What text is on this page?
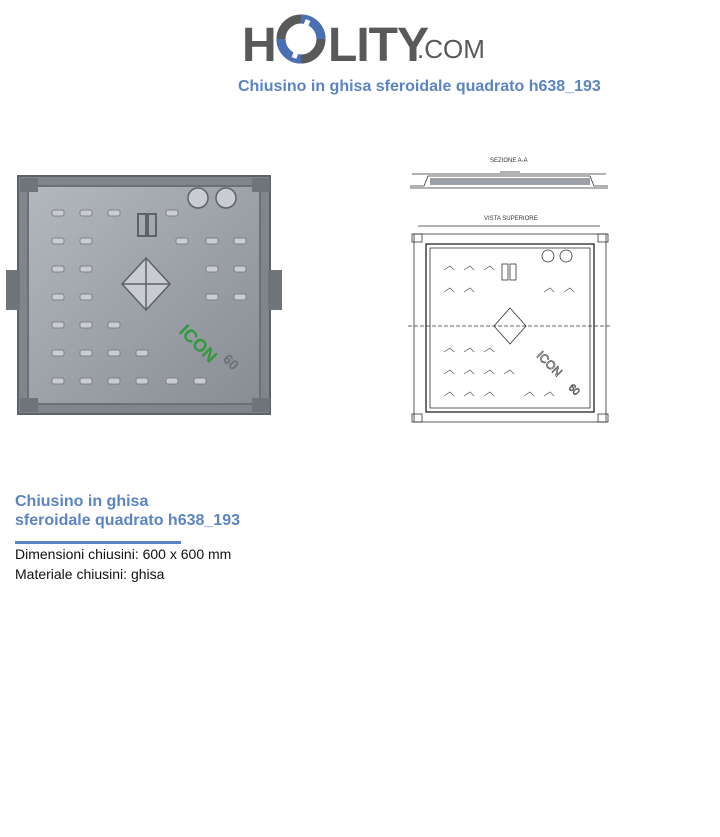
H LITY
.COM
Chiusino in ghisa sferoidale quadrato h638_193
ICON
60
SEZIONE A-A
VISTA SUPERIORE
ICON
60
Chiusino in ghisa
sferoidale quadrato h638_193
Dimensioni chiusini: 600 x 600 mm
Materiale chiusini: ghisa
